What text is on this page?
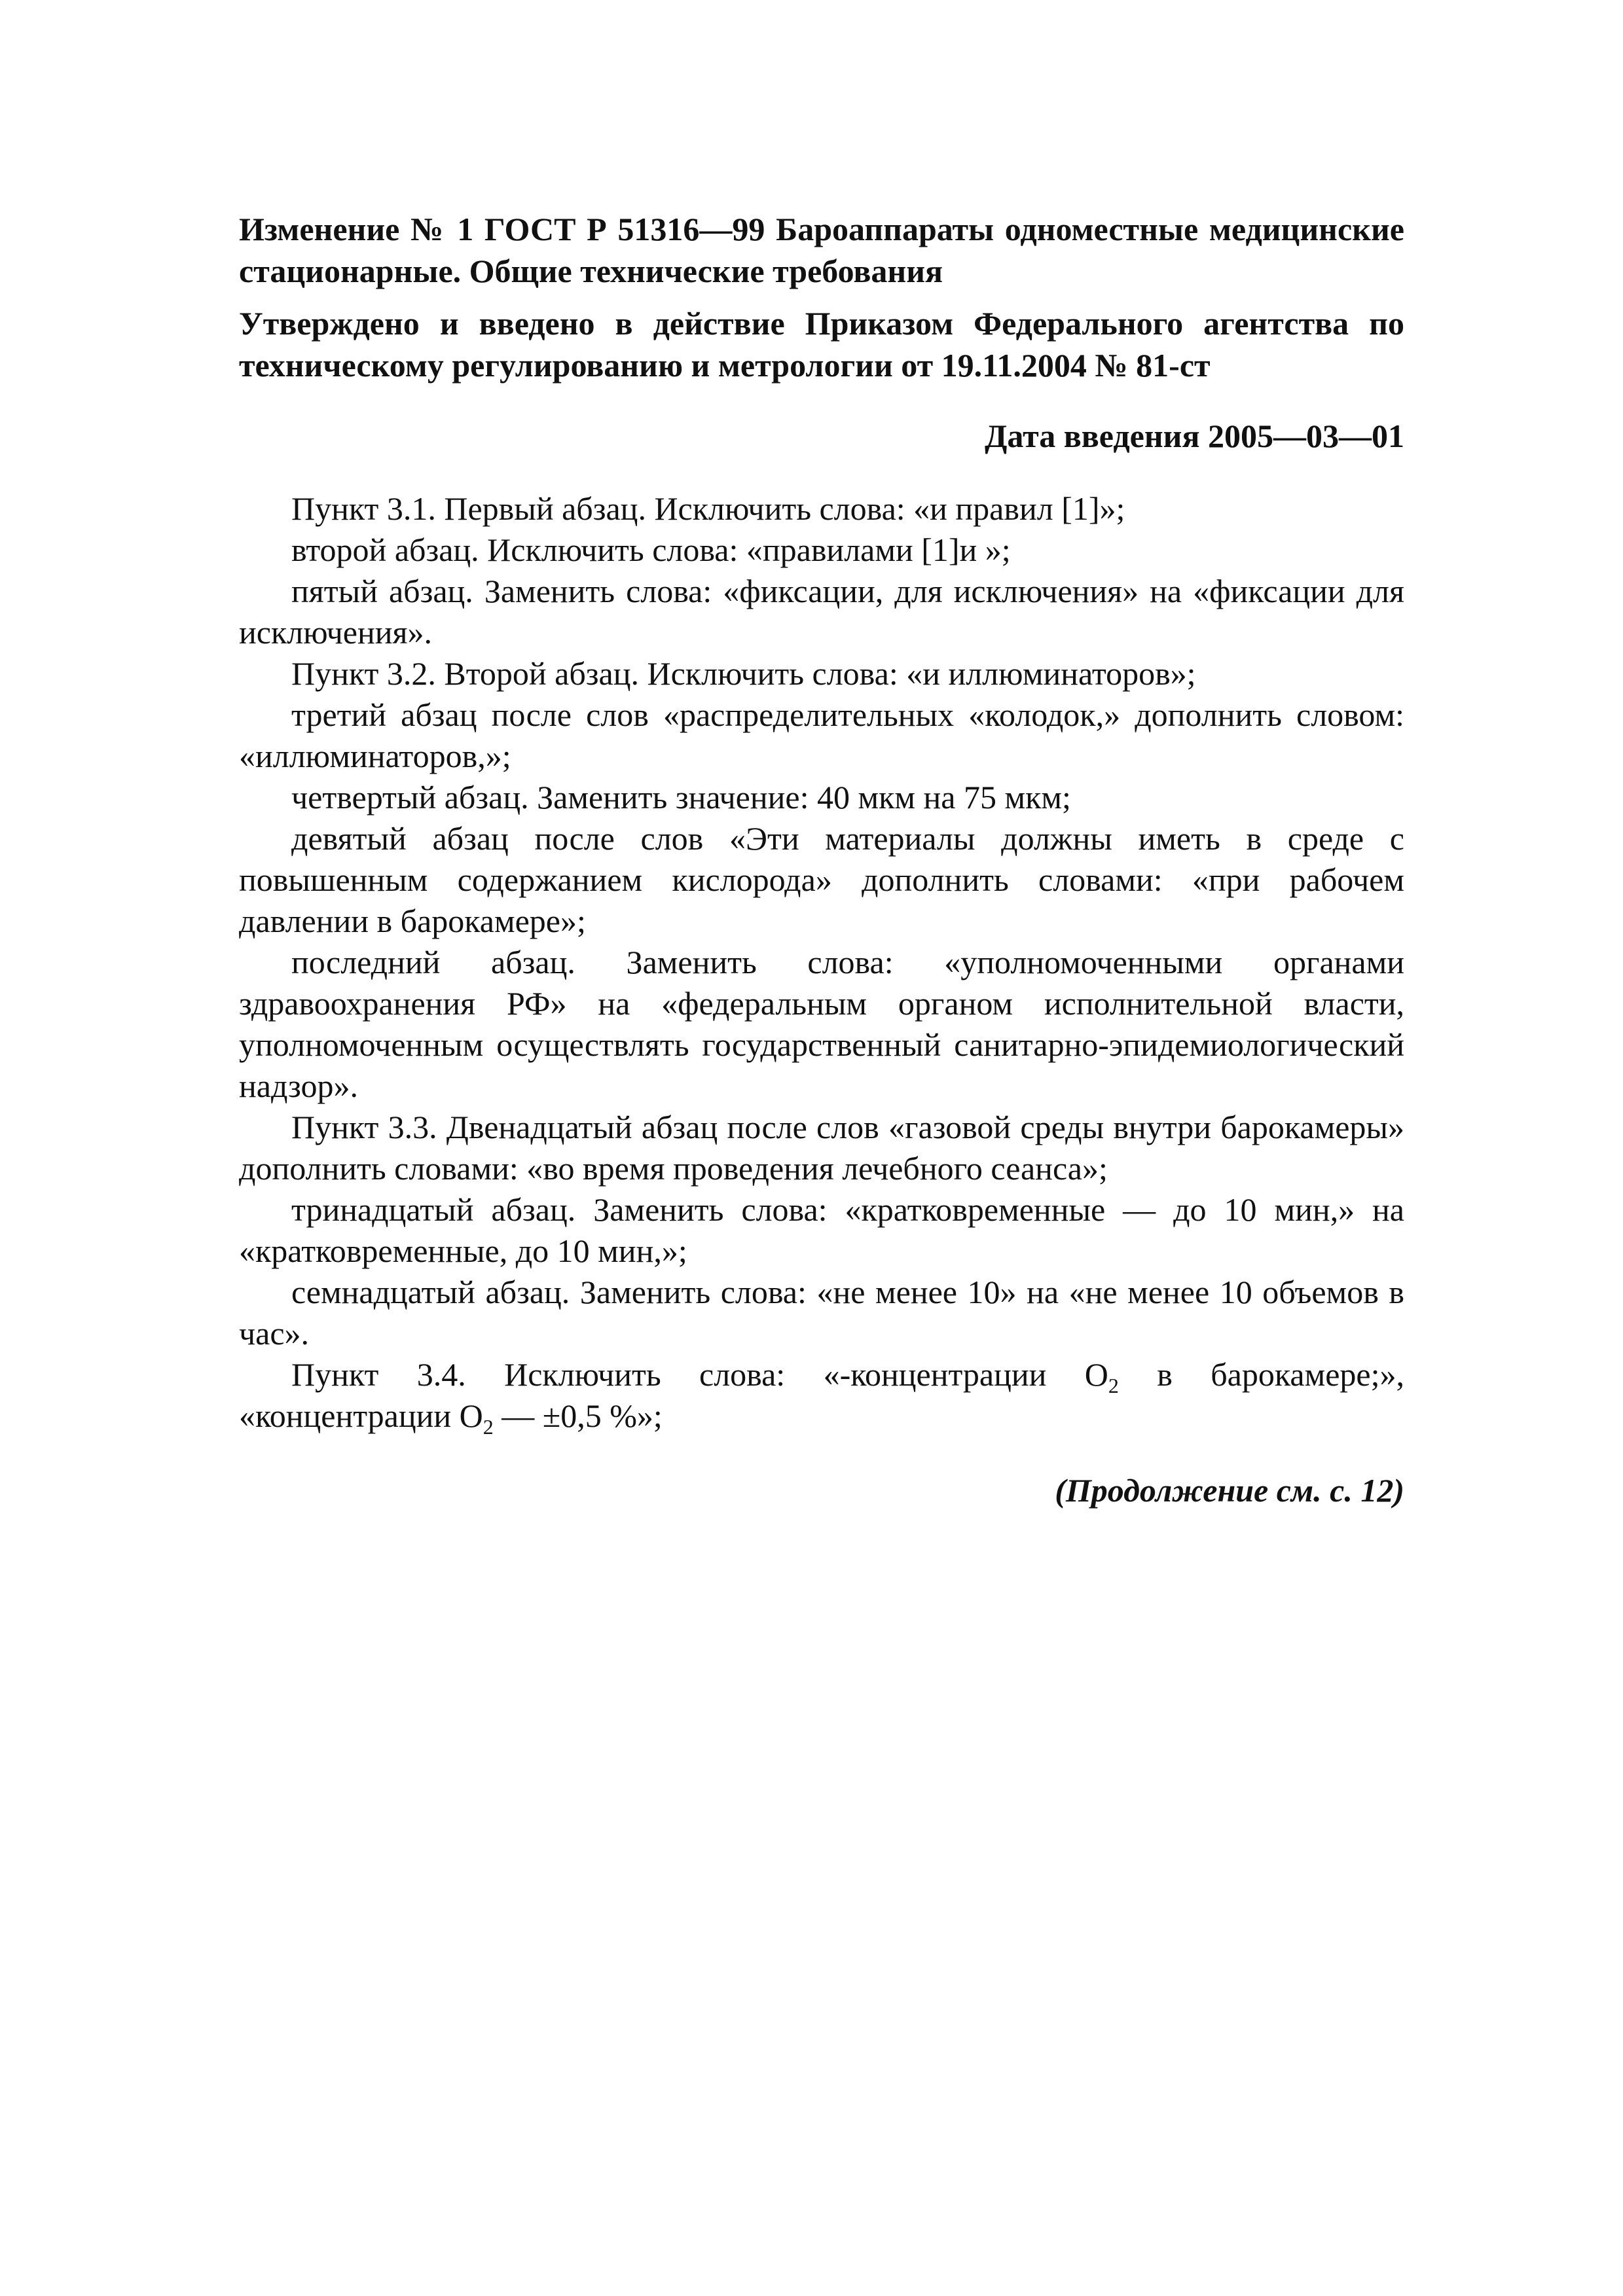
Изменение № 1 ГОСТ Р 51316—99 Бароаппараты одноместные медицинские стационарные. Общие технические требования
Утверждено и введено в действие Приказом Федерального агентства по техническому регулированию и метрологии от 19.11.2004 № 81-ст
Дата введения 2005—03—01

Пункт 3.1. Первый абзац. Исключить слова: «и правил [1]»;

второй абзац. Исключить слова: «правилами [1]и »;

пятый абзац. Заменить слова: «фиксации, для исключения» на «фиксации для исключения».

Пункт 3.2. Второй абзац. Исключить слова: «и иллюминаторов»;

третий абзац после слов «распределительных «колодок,» дополнить словом: «иллюминаторов,»;

четвертый абзац. Заменить значение: 40 мкм на 75 мкм;

девятый абзац после слов «Эти материалы должны иметь в среде с повышенным содержанием кислорода» дополнить словами: «при рабочем давлении в барокамере»;

последний абзац. Заменить слова: «уполномоченными органами здравоохранения РФ» на «федеральным органом исполнительной власти, уполномоченным осуществлять государственный санитарно-эпидемиологический надзор».

Пункт 3.3. Двенадцатый абзац после слов «газовой среды внутри барокамеры» дополнить словами: «во время проведения лечебного сеанса»;

тринадцатый абзац. Заменить слова: «кратковременные — до 10 мин,» на «кратковременные, до 10 мин,»;

семнадцатый абзац. Заменить слова: «не менее 10» на «не менее 10 объемов в час».

Пункт 3.4. Исключить слова: «-концентрации $O_2$ в барокамере;», «концентрации $O_2$ — ±0,5 %»;

(Продолжение см. с. 12)
